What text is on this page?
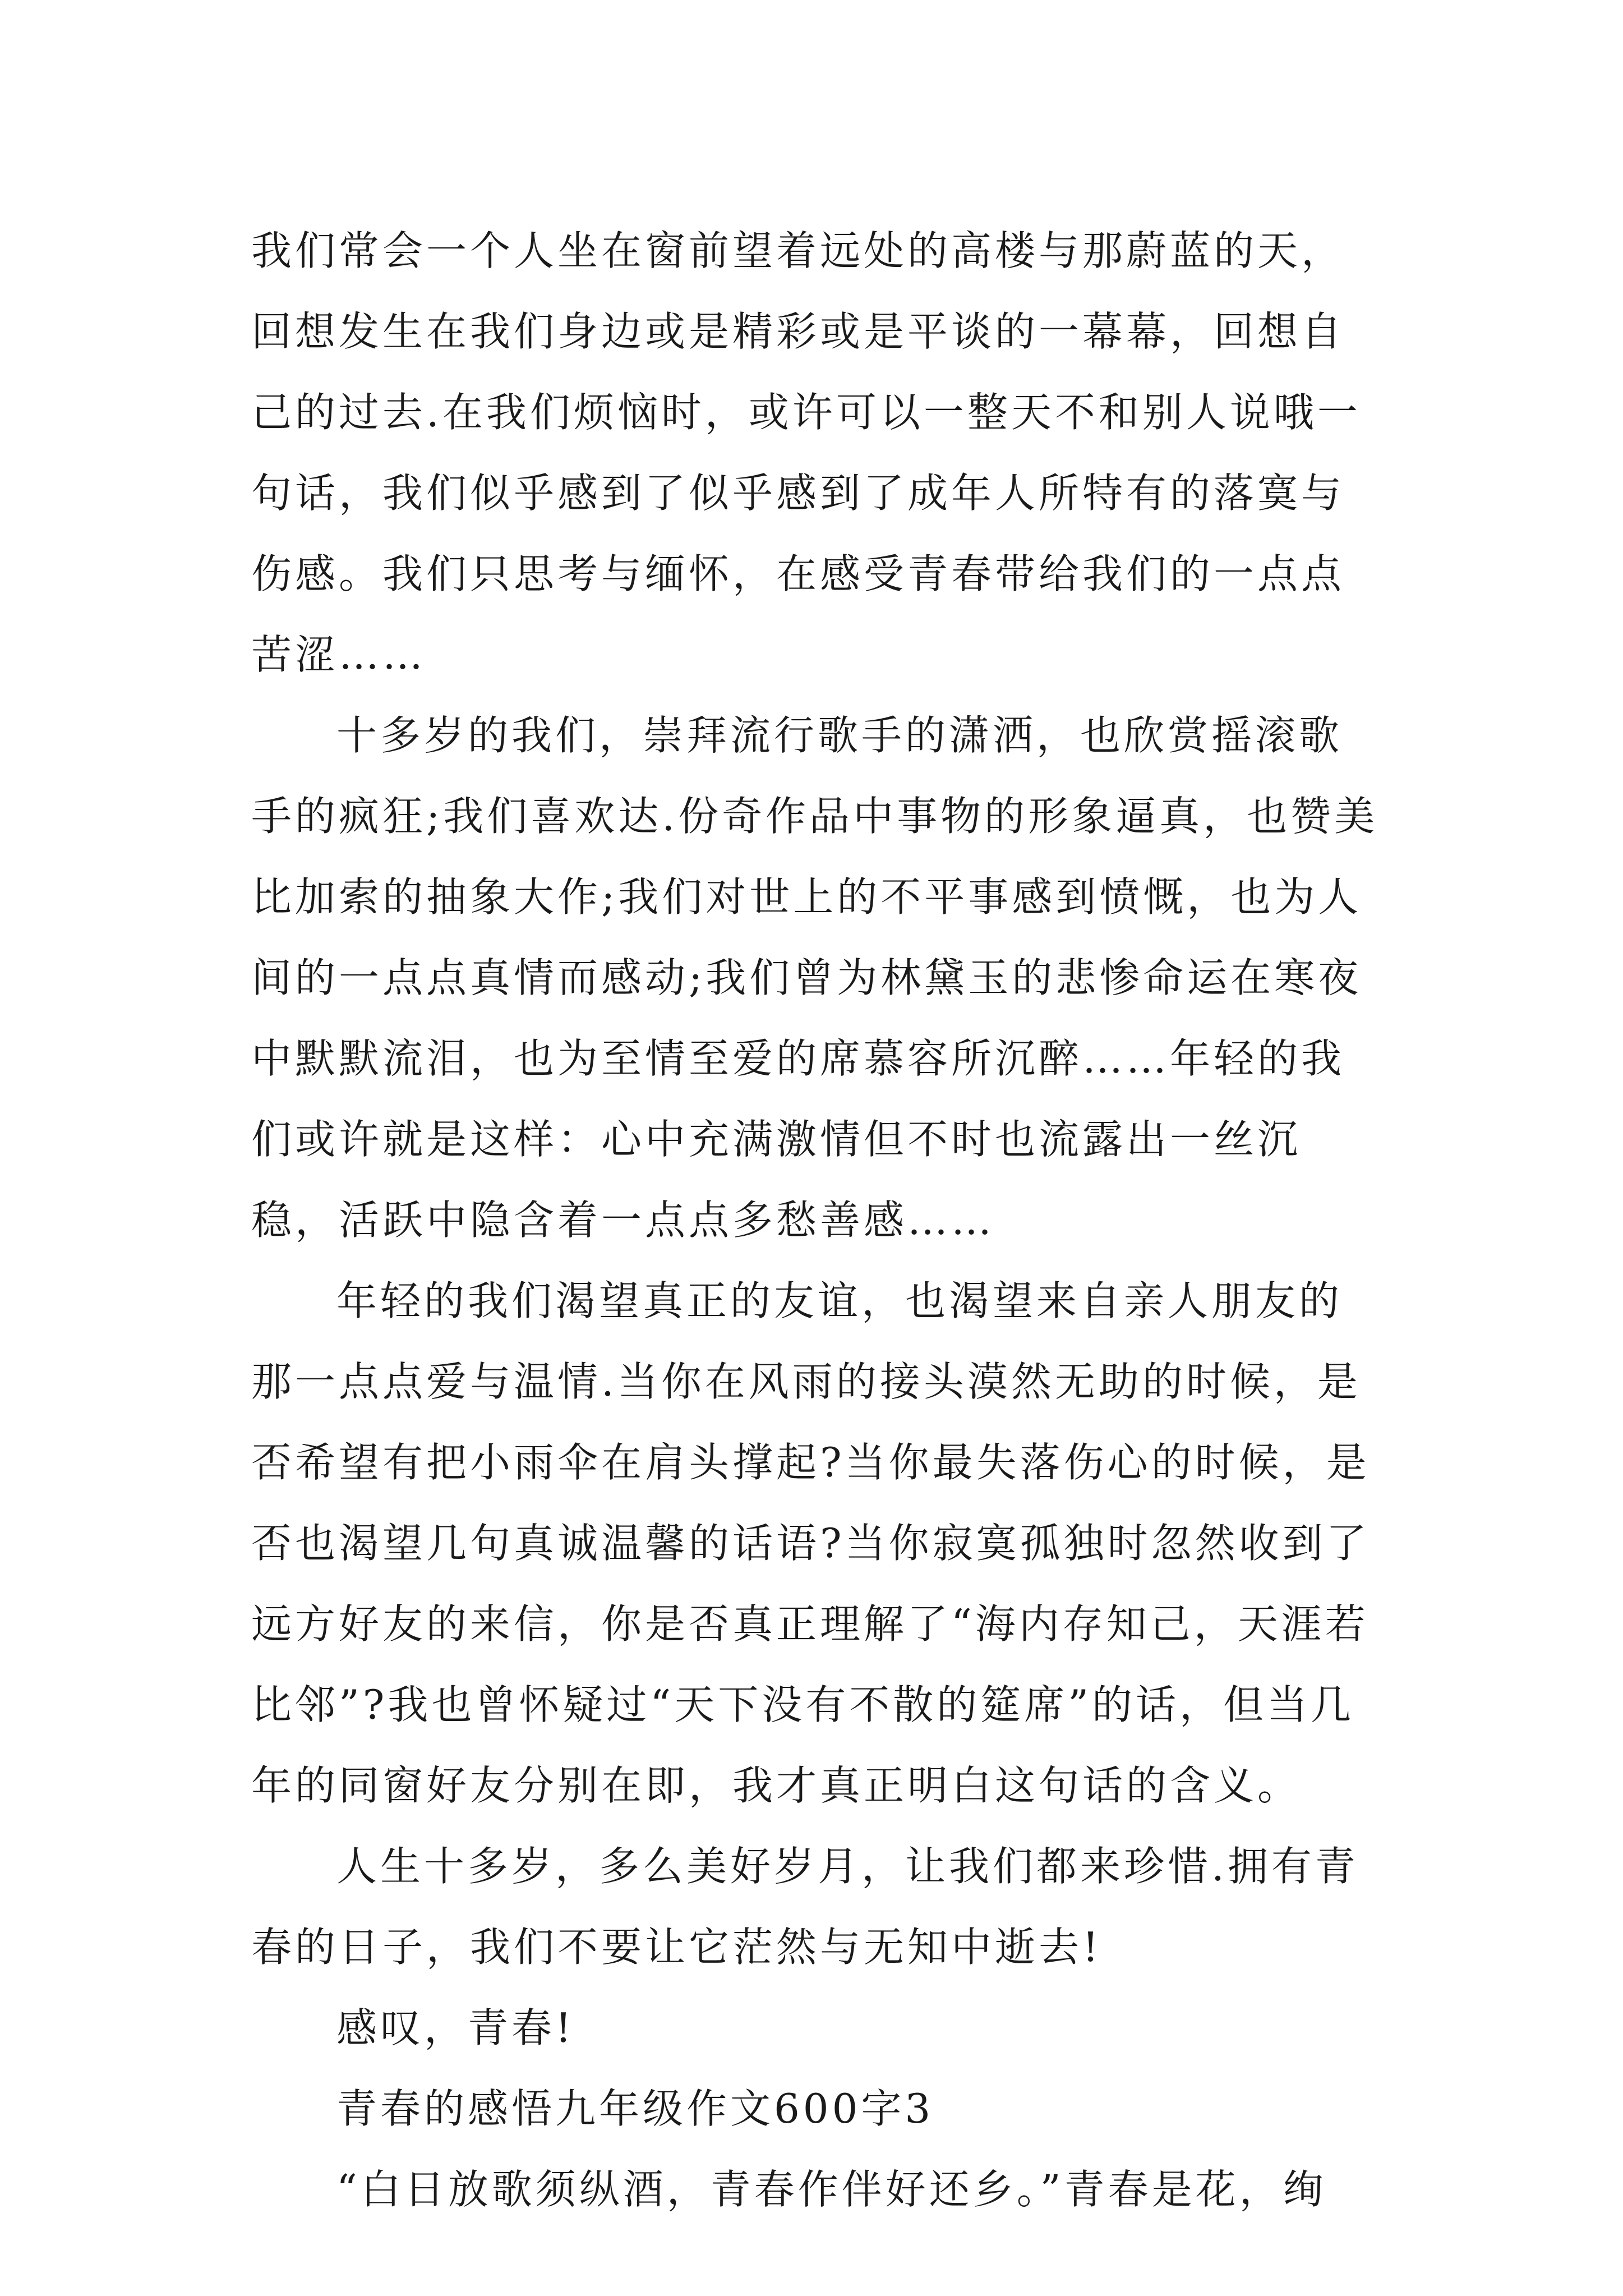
我们常会一个人坐在窗前望着远处的高楼与那蔚蓝的天，回想发生在我们身边或是精彩或是平谈的一幕幕，回想自己的过去.在我们烦恼时，或许可以一整天不和别人说哦一句话，我们似乎感到了似乎感到了成年人所特有的落寞与伤感。我们只思考与缅怀，在感受青春带给我们的一点点苦涩……

十多岁的我们，崇拜流行歌手的潇洒，也欣赏摇滚歌手的疯狂;我们喜欢达.份奇作品中事物的形象逼真，也赞美比加索的抽象大作;我们对世上的不平事感到愤慨，也为人间的一点点真情而感动;我们曾为林黛玉的悲惨命运在寒夜中默默流泪，也为至情至爱的席慕容所沉醉……年轻的我们或许就是这样：心中充满激情但不时也流露出一丝沉稳，活跃中隐含着一点点多愁善感……

年轻的我们渴望真正的友谊，也渴望来自亲人朋友的那一点点爱与温情.当你在风雨的接头漠然无助的时候，是否希望有把小雨伞在肩头撑起?当你最失落伤心的时候，是否也渴望几句真诚温馨的话语?当你寂寞孤独时忽然收到了远方好友的来信，你是否真正理解了“海内存知己，天涯若比邻”?我也曾怀疑过“天下没有不散的筵席”的话，但当几年的同窗好友分别在即，我才真正明白这句话的含义。

人生十多岁，多么美好岁月，让我们都来珍惜.拥有青春的日子，我们不要让它茫然与无知中逝去!

感叹，青春!

青春的感悟九年级作文600字3

“白日放歌须纵酒，青春作伴好还乡。”青春是花，绚
